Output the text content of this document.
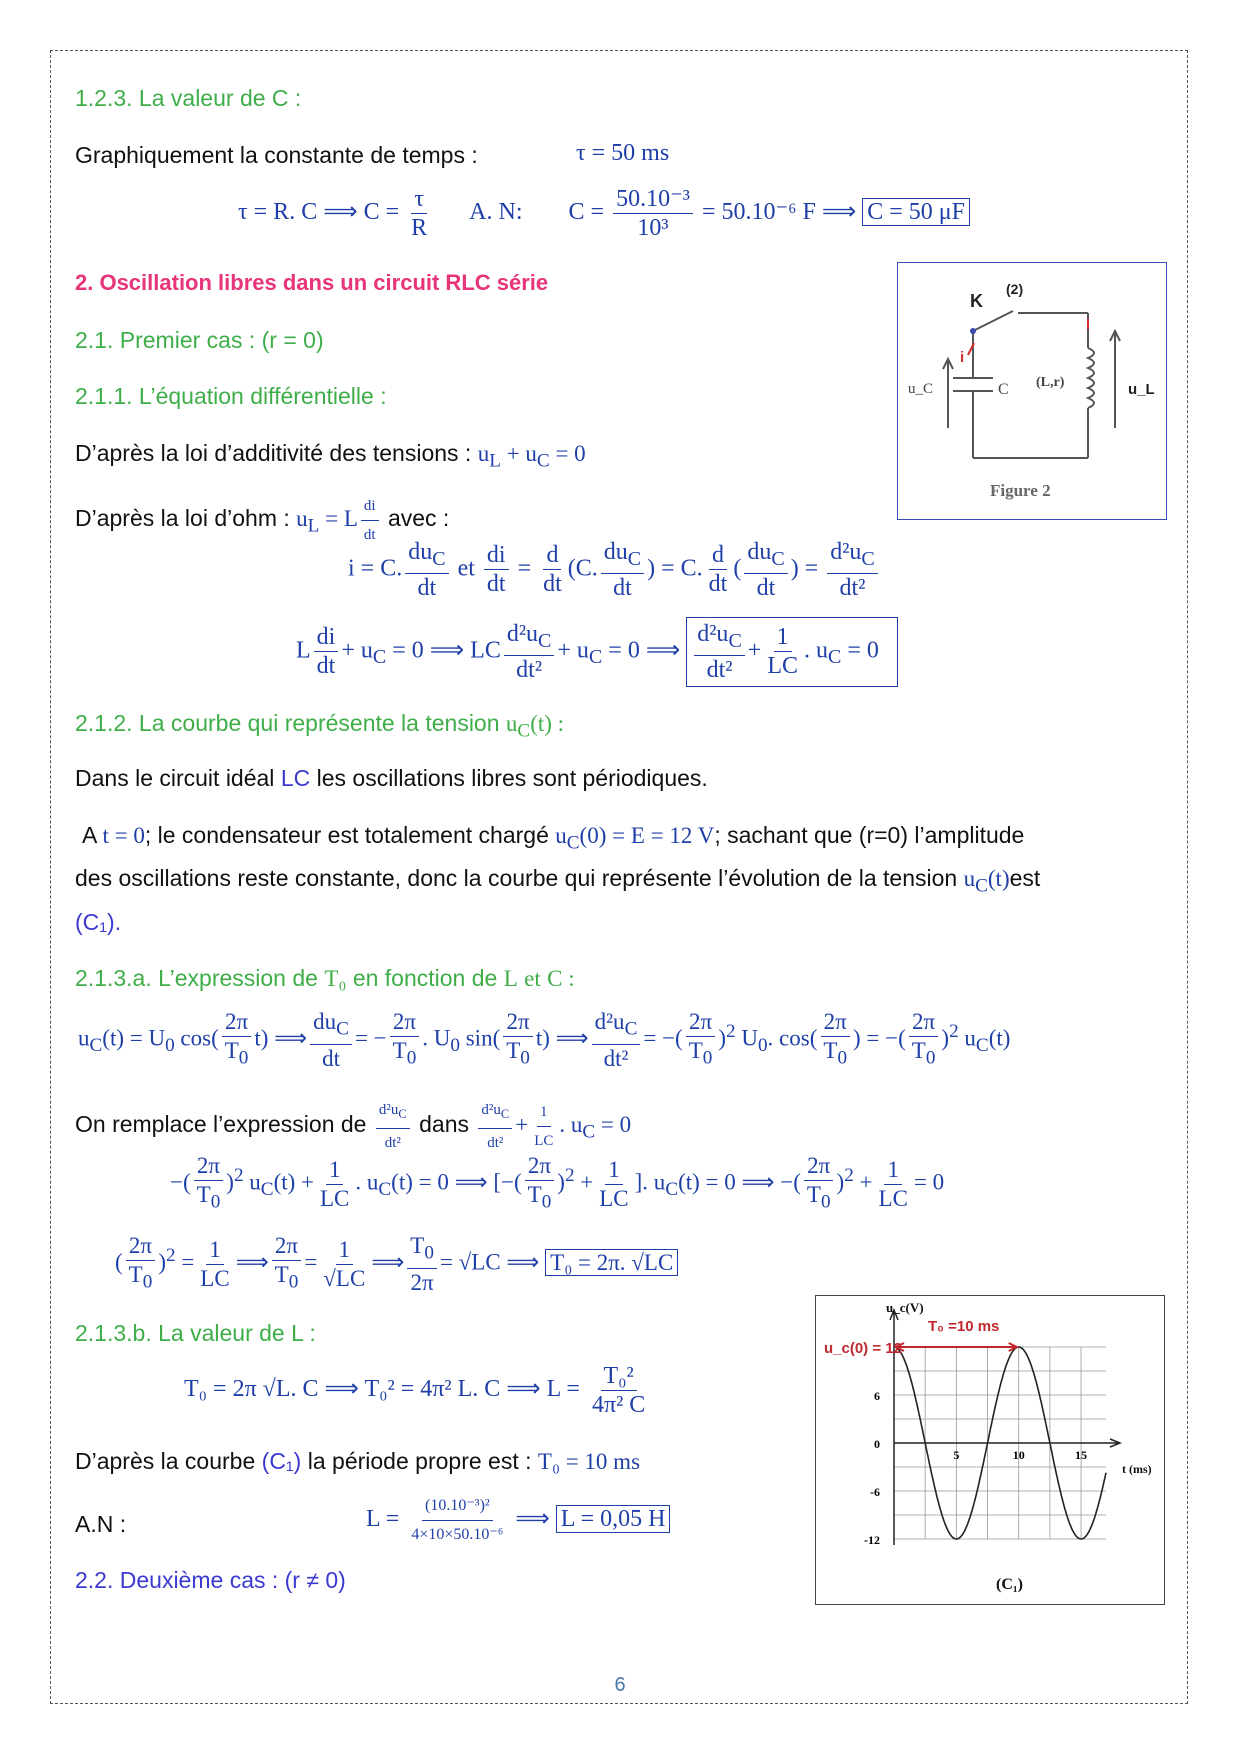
1.2.3. La valeur de C :
Graphiquement la constante de temps :	τ = 50 ms
τ = R. C ⟹ $C = \frac{\tau}{R} A$. N: $C = \frac{\text{50.10⁻³}}{\text{10³}} = 50.10^{-6}$ F ⟹ C = 50 μF
2. Oscillation libres dans un circuit RLC série
2.1. Premier cas : (r = 0)
2.1.1. L’équation différentielle :
D’après la loi d’additivité des tensions : $u_L + u_C = 0$
D’après la loi d’ohm : $u_L = L \frac{di}{dt}$ avec :
i = C. $\frac{du_C}{dt}$ et $\frac{di}{dt} = \frac{d}{dt} (C$. $\frac{du_C}{dt}$ ) = C. $\frac{d}{dt}$ ( $\frac{du_C}{dt}$ ) = $\frac{d^2u_C}{\text{dt²}}$
L $\frac{di}{dt} + u_C = 0$ ⟹ LC $\frac{d^2u_C}{\text{dt²}} + u_C = 0$ ⟹ $\frac{d^2u_C}{\text{dt²}} + \frac{1}{LC}$ . $u_C = 0$
2.1.2. La courbe qui représente la tension $u_C(t)$ :
Dans le circuit idéal LC les oscillations libres sont périodiques.
A t = 0; le condensateur est totalement chargé $u_C(0) = E = 12$ V; sachant que (r=0) l’amplitude
des oscillations reste constante, donc la courbe qui représente l’évolution de la tension $u_C(t)est$
(C₁).
2.1.3.a. L’expression de T₀ en fonction de L et C :
$u_C(t) = U_0$ $\cos( \frac{2\pi}{T_0} t)$ ⟹ $\frac{du_C}{dt}$ = − $\frac{2\pi}{T_0}$ . $U_0$ $\sin( \frac{2\pi}{T_0} t)$ ⟹ $\frac{d^2u_C}{\text{dt²}}$ = −( $\frac{2\pi}{T_0} )^2$ $U_0$. $\cos( \frac{2\pi}{T_0}$ ) = −( $\frac{2\pi}{T_0} )^2$ $u_C(t)$
On remplace l’expression de $\frac{d^2u_C}{\text{dt²}}$ dans $\frac{d^2u_C}{\text{dt²}} + \frac{1}{LC}$ . $u_C = 0$
−( $\frac{2\pi}{T_0} )^2$ $u_C(t) + \frac{1}{LC}$ . $u_C(t) = 0$ ⟹ [−( $\frac{2\pi}{T_0} )^2 + \frac{1}{LC}$ ]. $u_C(t) = 0$ ⟹ −( $\frac{2\pi}{T_0} )^2 + \frac{1}{LC} = 0$
( $\frac{2\pi}{T_0} )^2 = \frac{1}{LC}$ ⟹ $\frac{2\pi}{T_0} = \frac{1}{√LC}$ ⟹ $\frac{T_0}{2\pi} = √LC$ ⟹ T₀ = 2π. √LC
2.1.3.b. La valeur de L :
T₀ = 2π √L. C ⟹ T₀² = 4π² L. C ⟹ $L = \frac{\text{T₀²}}{\text{4π² C}}$
D’après la courbe (C₁) la période propre est : T₀ = 10 ms
A.N :	$L = \frac{\text{(10.10⁻³)²}}{\text{4×10×50.10⁻⁶}}$ ⟹ L = 0,05 H
2.2. Deuxième cas : (r ≠ 0)
K
(2)
i
u_C	C (L,r)	u_L
Figure 2
6
0
-6
-12
5	10	15
u_c(V)
T₀ =10 ms
u_c(0) = 12
t (ms)
(C₁)
6
